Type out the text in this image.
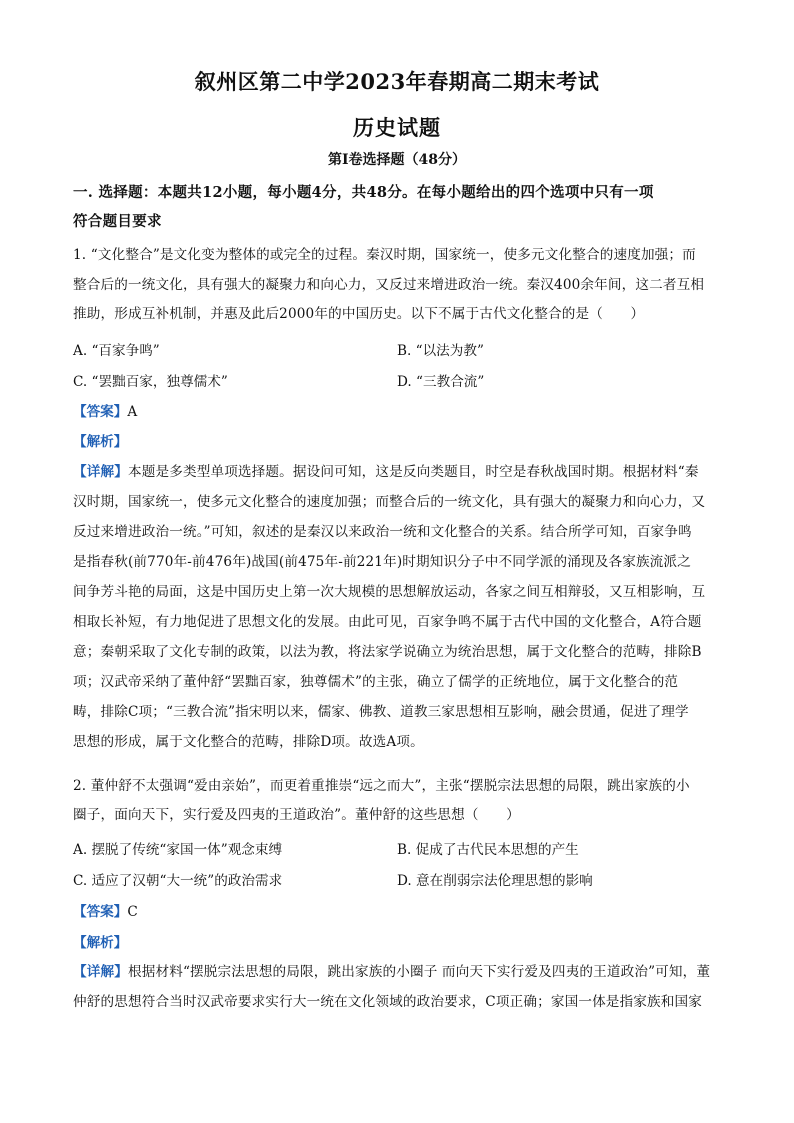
叙州区第二中学2023年春期高二期末考试
历史试题
第Ⅰ卷选择题（48分）
一. 选择题：本题共12小题，每小题4分，共48分。在每小题给出的四个选项中只有一项
符合题目要求
1. “文化整合”是文化变为整体的或完全的过程。秦汉时期，国家统一，使多元文化整合的速度加强；而
整合后的一统文化，具有强大的凝聚力和向心力，又反过来增进政治一统。秦汉400余年间，这二者互相
推助，形成互补机制，并惠及此后2000年的中国历史。以下不属于古代文化整合的是（　　）
A. “百家争鸣”	B. “以法为教”
C. “罢黜百家，独尊儒术”	D. “三教合流”
【答案】A
【解析】
【详解】本题是多类型单项选择题。据设问可知，这是反向类题目，时空是春秋战国时期。根据材料“秦
汉时期，国家统一，使多元文化整合的速度加强；而整合后的一统文化，具有强大的凝聚力和向心力，又
反过来增进政治一统。”可知，叙述的是秦汉以来政治一统和文化整合的关系。结合所学可知，百家争鸣
是指春秋(前770年-前476年)战国(前475年-前221年)时期知识分子中不同学派的涌现及各家族流派之
间争芳斗艳的局面，这是中国历史上第一次大规模的思想解放运动，各家之间互相辩驳，又互相影响，互
相取长补短，有力地促进了思想文化的发展。由此可见，百家争鸣不属于古代中国的文化整合，A符合题
意；秦朝采取了文化专制的政策，以法为教，将法家学说确立为统治思想，属于文化整合的范畴，排除B
项；汉武帝采纳了董仲舒“罢黜百家，独尊儒术”的主张，确立了儒学的正统地位，属于文化整合的范
畴，排除C项；“三教合流”指宋明以来，儒家、佛教、道教三家思想相互影响，融会贯通，促进了理学
思想的形成，属于文化整合的范畴，排除D项。故选A项。
2. 董仲舒不太强调“爱由亲始”，而更着重推崇“远之而大”，主张“摆脱宗法思想的局限，跳出家族的小
圈子，面向天下，实行爱及四夷的王道政治”。董仲舒的这些思想（　　）
A. 摆脱了传统“家国一体”观念束缚	B. 促成了古代民本思想的产生
C. 适应了汉朝“大一统”的政治需求	D. 意在削弱宗法伦理思想的影响
【答案】C
【解析】
【详解】根据材料“摆脱宗法思想的局限，跳出家族的小圈子 而向天下实行爱及四夷的王道政治”可知，董
仲舒的思想符合当时汉武帝要求实行大一统在文化领域的政治要求，C项正确；家国一体是指家族和国家
